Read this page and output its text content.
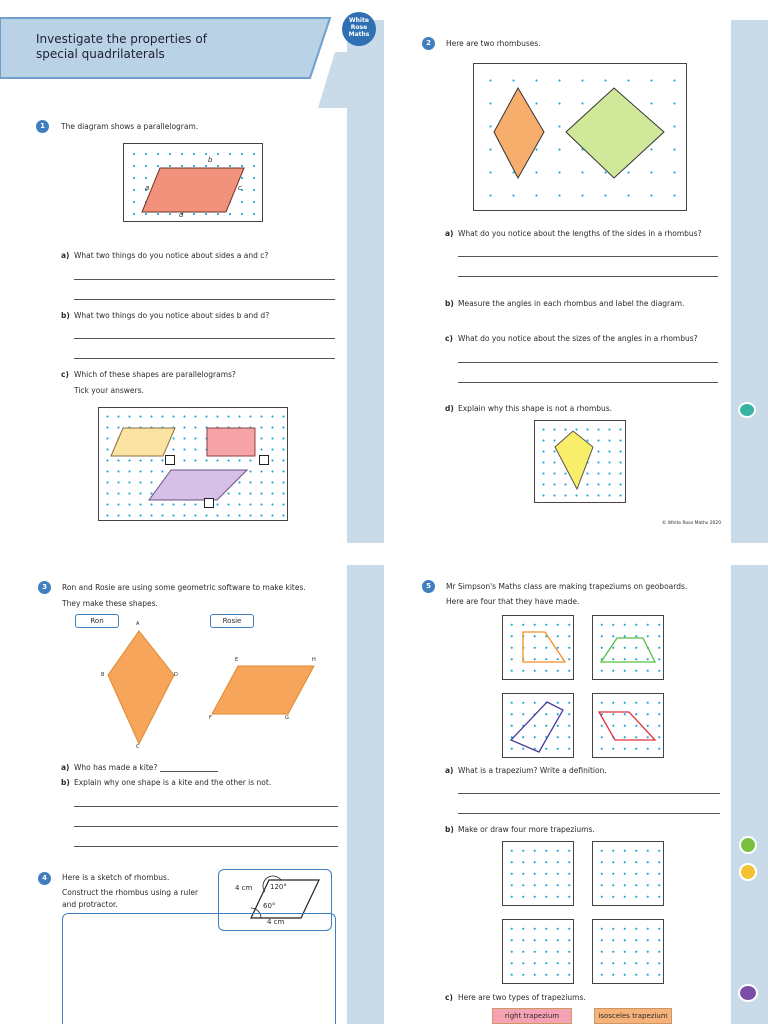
Investigate the properties of
special quadrilaterals
White
Rose
Maths
1	The diagram shows a parallelogram.
b
a	c
d
a) What two things do you notice about sides a and c?
b) What two things do you notice about sides b and d?
c) Which of these shapes are parallelograms?
Tick your answers.
2	Here are two rhombuses.
a) What do you notice about the lengths of the sides in a rhombus?
b) Measure the angles in each rhombus and label the diagram.
c) What do you notice about the sizes of the angles in a rhombus?
d) Explain why this shape is not a rhombus.
© White Rose Maths 2020
3	Ron and Rosie are using some geometric software to make kites.
They make these shapes.
Ron	Rosie
A
B	D
C
E	H
F	G
a) Who has made a kite?
b) Explain why one shape is a kite and the other is not.
4	Here is a sketch of rhombus.
Construct the rhombus using a ruler
and protractor.
4 cm	120°
60°
4 cm
5	Mr Simpson's Maths class are making trapeziums on geoboards.
Here are four that they have made.
a) What is a trapezium? Write a definition.
b) Make or draw four more trapeziums.
c) Here are two types of trapeziums.
right trapezium	isosceles trapezium
